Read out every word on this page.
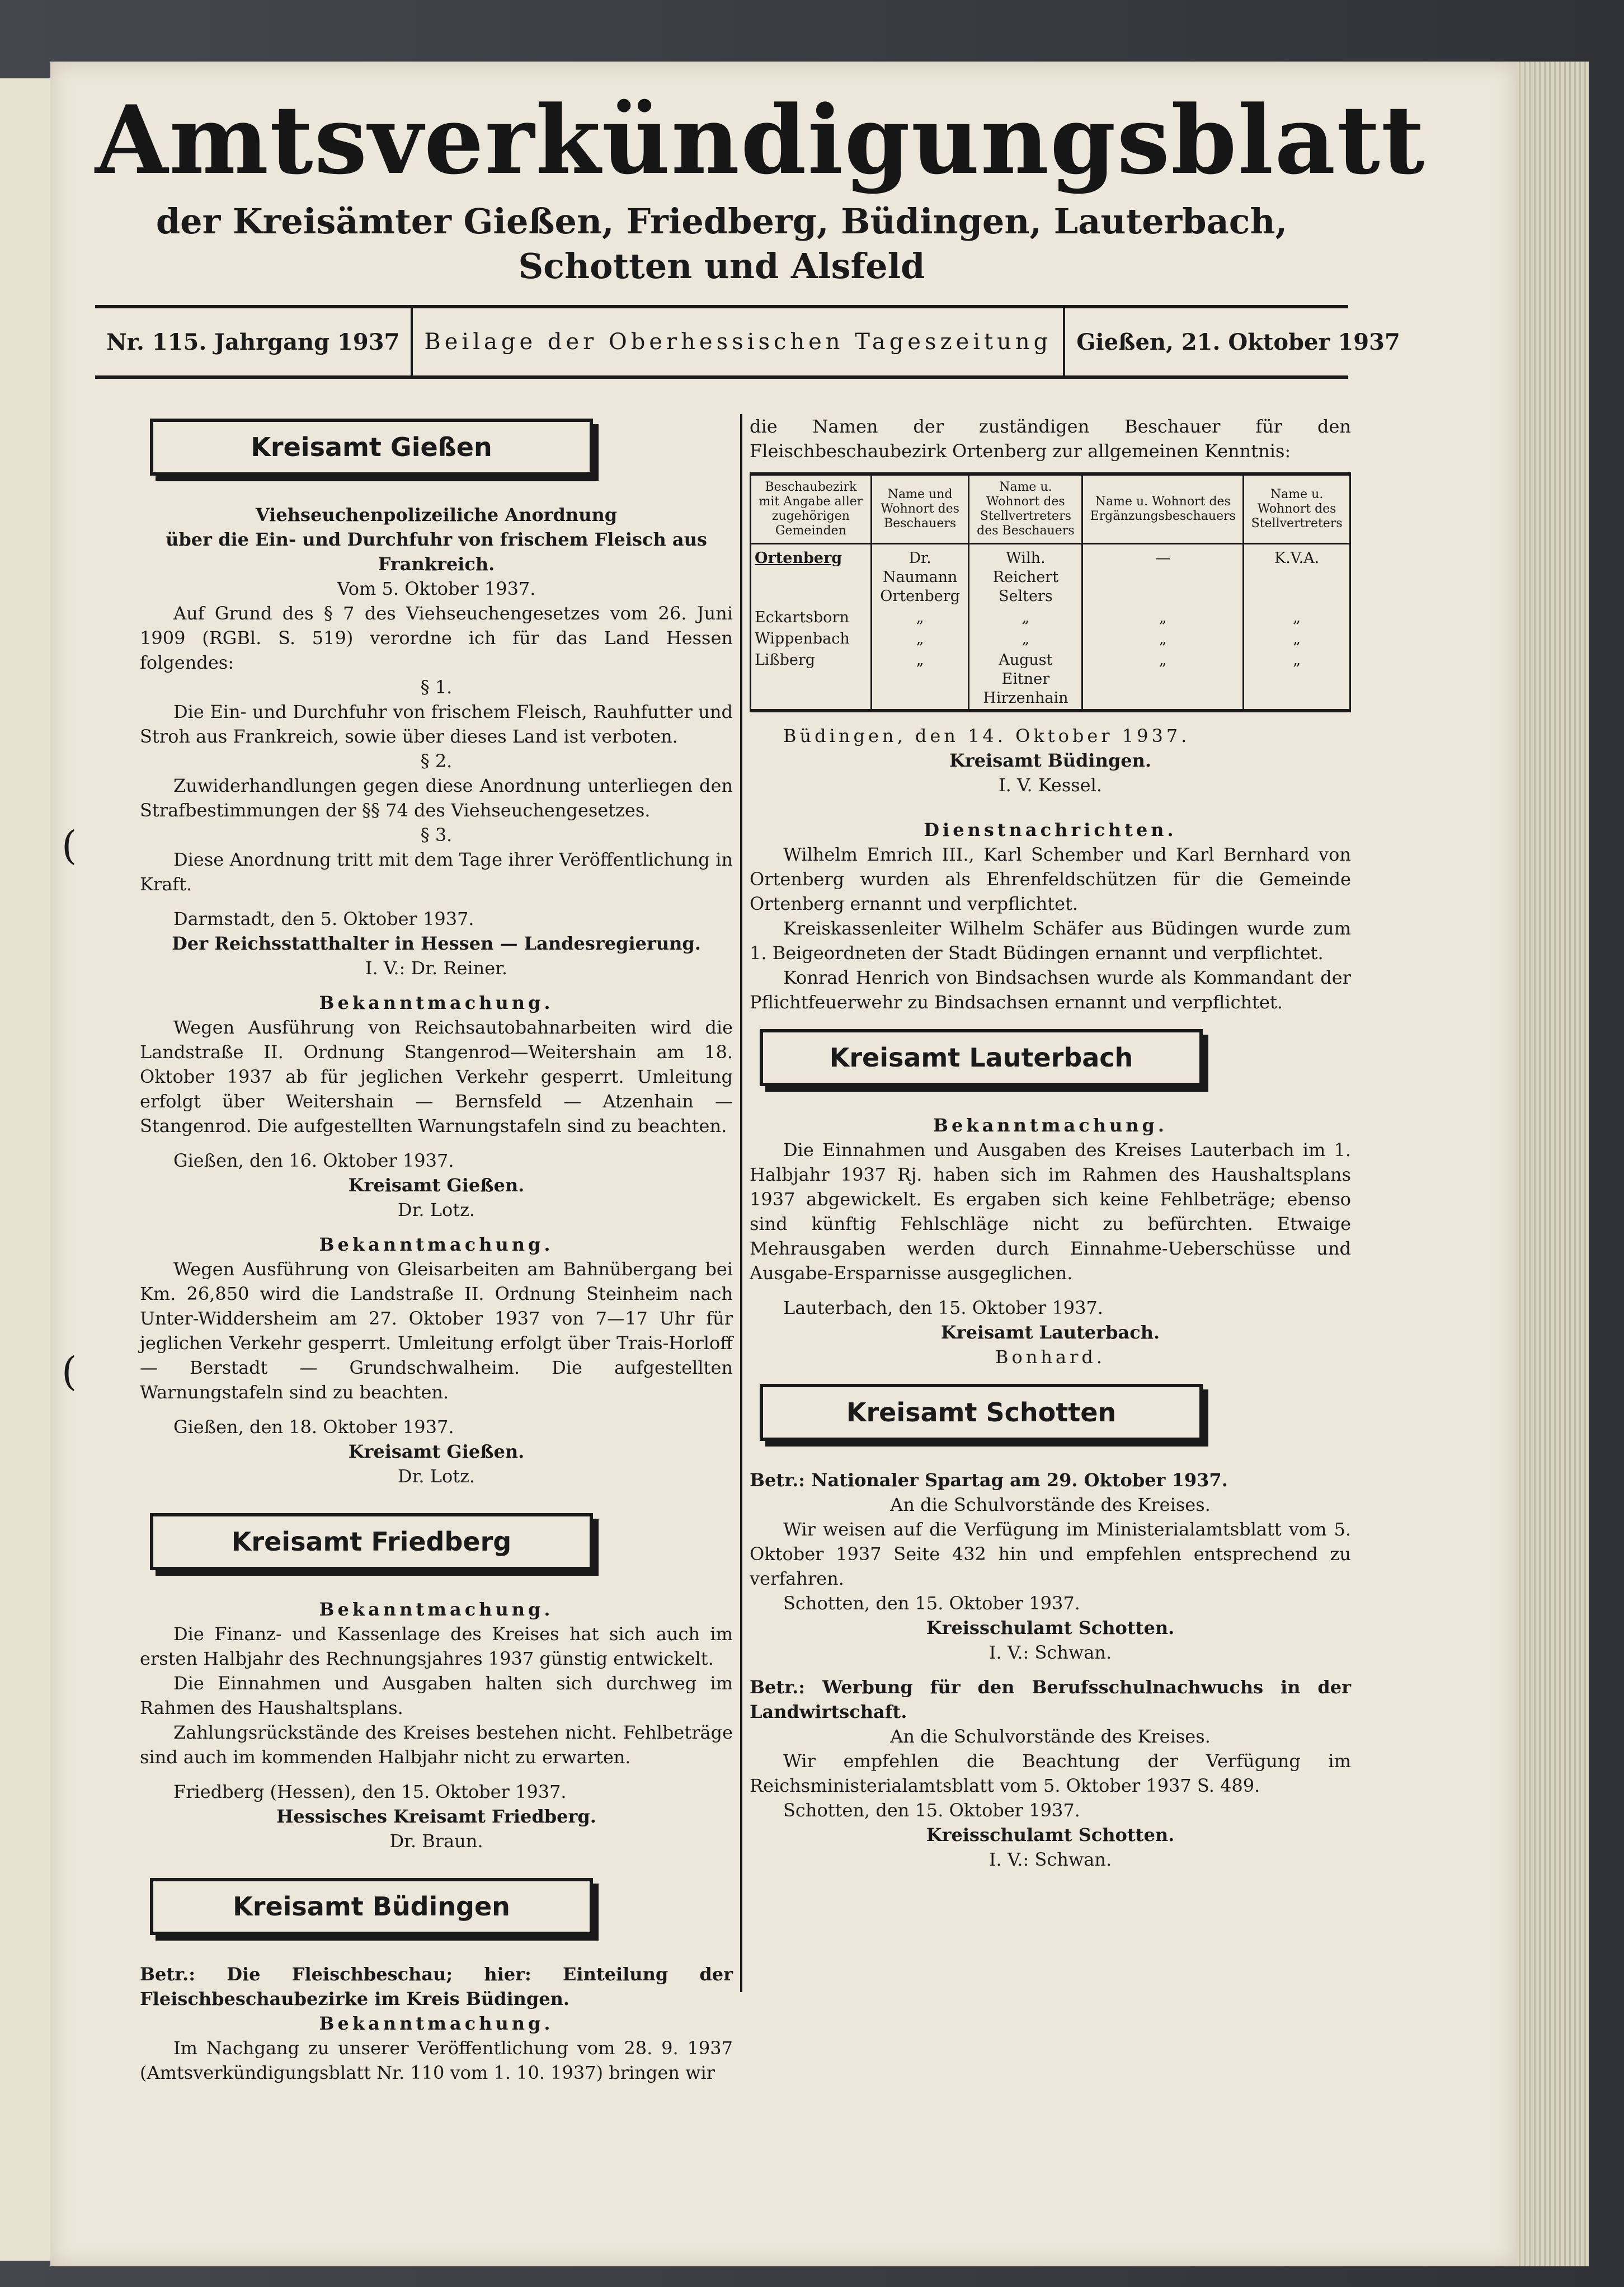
Amtsverkündigungsblatt
der Kreisämter Gießen, Friedberg, Büdingen, Lauterbach, Schotten und Alsfeld
Nr. 115. Jahrgang 1937	Beilage der Oberhessischen Tageszeitung	Gießen, 21. Oktober 1937
(
(
Kreisamt Gießen
Viehseuchenpolizeiliche Anordnung
über die Ein- und Durchfuhr von frischem Fleisch aus Frankreich.
Vom 5. Oktober 1937.

Auf Grund des § 7 des Viehseuchengesetzes vom 26. Juni 1909 (RGBl. S. 519) verordne ich für das Land Hessen folgendes:

§ 1.

Die Ein- und Durchfuhr von frischem Fleisch, Rauhfutter und Stroh aus Frankreich, sowie über dieses Land ist verboten.

§ 2.

Zuwiderhandlungen gegen diese Anordnung unterliegen den Strafbestimmungen der §§ 74 des Viehseuchengesetzes.

§ 3.

Diese Anordnung tritt mit dem Tage ihrer Veröffentlichung in Kraft.

Darmstadt, den 5. Oktober 1937.

Der Reichsstatthalter in Hessen — Landesregierung.
I. V.: Dr. Reiner.
Bekanntmachung.

Wegen Ausführung von Reichsautobahnarbeiten wird die Landstraße II. Ordnung Stangenrod—Weitershain am 18. Oktober 1937 ab für jeglichen Verkehr gesperrt. Umleitung erfolgt über Weitershain — Bernsfeld — Atzenhain — Stangenrod. Die aufgestellten Warnungstafeln sind zu beachten.

Gießen, den 16. Oktober 1937.

Kreisamt Gießen.
Dr. Lotz.
Bekanntmachung.

Wegen Ausführung von Gleisarbeiten am Bahnübergang bei Km. 26,850 wird die Landstraße II. Ordnung Steinheim nach Unter-Widdersheim am 27. Oktober 1937 von 7—17 Uhr für jeglichen Verkehr gesperrt. Umleitung erfolgt über Trais-Horloff — Berstadt — Grundschwalheim. Die aufgestellten Warnungstafeln sind zu beachten.

Gießen, den 18. Oktober 1937.

Kreisamt Gießen.
Dr. Lotz.
Kreisamt Friedberg
Bekanntmachung.

Die Finanz- und Kassenlage des Kreises hat sich auch im ersten Halbjahr des Rechnungsjahres 1937 günstig entwickelt.

Die Einnahmen und Ausgaben halten sich durchweg im Rahmen des Haushaltsplans.

Zahlungsrückstände des Kreises bestehen nicht. Fehlbeträge sind auch im kommenden Halbjahr nicht zu erwarten.

Friedberg (Hessen), den 15. Oktober 1937.

Hessisches Kreisamt Friedberg.
Dr. Braun.
Kreisamt Büdingen

Betr.: Die Fleischbeschau; hier: Einteilung der Fleischbeschaubezirke im Kreis Büdingen.

Bekanntmachung.

Im Nachgang zu unserer Veröffentlichung vom 28. 9. 1937 (Amtsverkündigungsblatt Nr. 110 vom 1. 10. 1937) bringen wir

die Namen der zuständigen Beschauer für den Fleischbeschaubezirk Ortenberg zur allgemeinen Kenntnis:

Beschaubezirk mit Angabe aller zugehörigen Gemeinden	Name und Wohnort des Beschauers	Name u. Wohnort des Stellvertreters des Beschauers	Name u. Wohnort des Ergänzungsbeschauers	Name u. Wohnort des Stellvertreters
Ortenberg	Dr. Naumann Ortenberg	Wilh. Reichert Selters	—	K.V.A.
Eckartsborn	„	„	„	„
Wippenbach	„	„	„	„
Lißberg	„	August Eitner Hirzenhain	„	„

Büdingen, den 14. Oktober 1937.

Kreisamt Büdingen.
I. V. Kessel.
Dienstnachrichten.

Wilhelm Emrich III., Karl Schember und Karl Bernhard von Ortenberg wurden als Ehrenfeldschützen für die Gemeinde Ortenberg ernannt und verpflichtet.

Kreiskassenleiter Wilhelm Schäfer aus Büdingen wurde zum 1. Beigeordneten der Stadt Büdingen ernannt und verpflichtet.

Konrad Henrich von Bindsachsen wurde als Kommandant der Pflichtfeuerwehr zu Bindsachsen ernannt und verpflichtet.

Kreisamt Lauterbach
Bekanntmachung.

Die Einnahmen und Ausgaben des Kreises Lauterbach im 1. Halbjahr 1937 Rj. haben sich im Rahmen des Haushaltsplans 1937 abgewickelt. Es ergaben sich keine Fehlbeträge; ebenso sind künftig Fehlschläge nicht zu befürchten. Etwaige Mehrausgaben werden durch Einnahme-Ueberschüsse und Ausgabe-Ersparnisse ausgeglichen.

Lauterbach, den 15. Oktober 1937.

Kreisamt Lauterbach.
Bonhard.
Kreisamt Schotten

Betr.: Nationaler Spartag am 29. Oktober 1937.

An die Schulvorstände des Kreises.

Wir weisen auf die Verfügung im Ministerialamtsblatt vom 5. Oktober 1937 Seite 432 hin und empfehlen entsprechend zu verfahren.

Schotten, den 15. Oktober 1937.

Kreisschulamt Schotten.
I. V.: Schwan.

Betr.: Werbung für den Berufsschulnachwuchs in der Landwirtschaft.

An die Schulvorstände des Kreises.

Wir empfehlen die Beachtung der Verfügung im Reichsministerialamtsblatt vom 5. Oktober 1937 S. 489.

Schotten, den 15. Oktober 1937.

Kreisschulamt Schotten.
I. V.: Schwan.
